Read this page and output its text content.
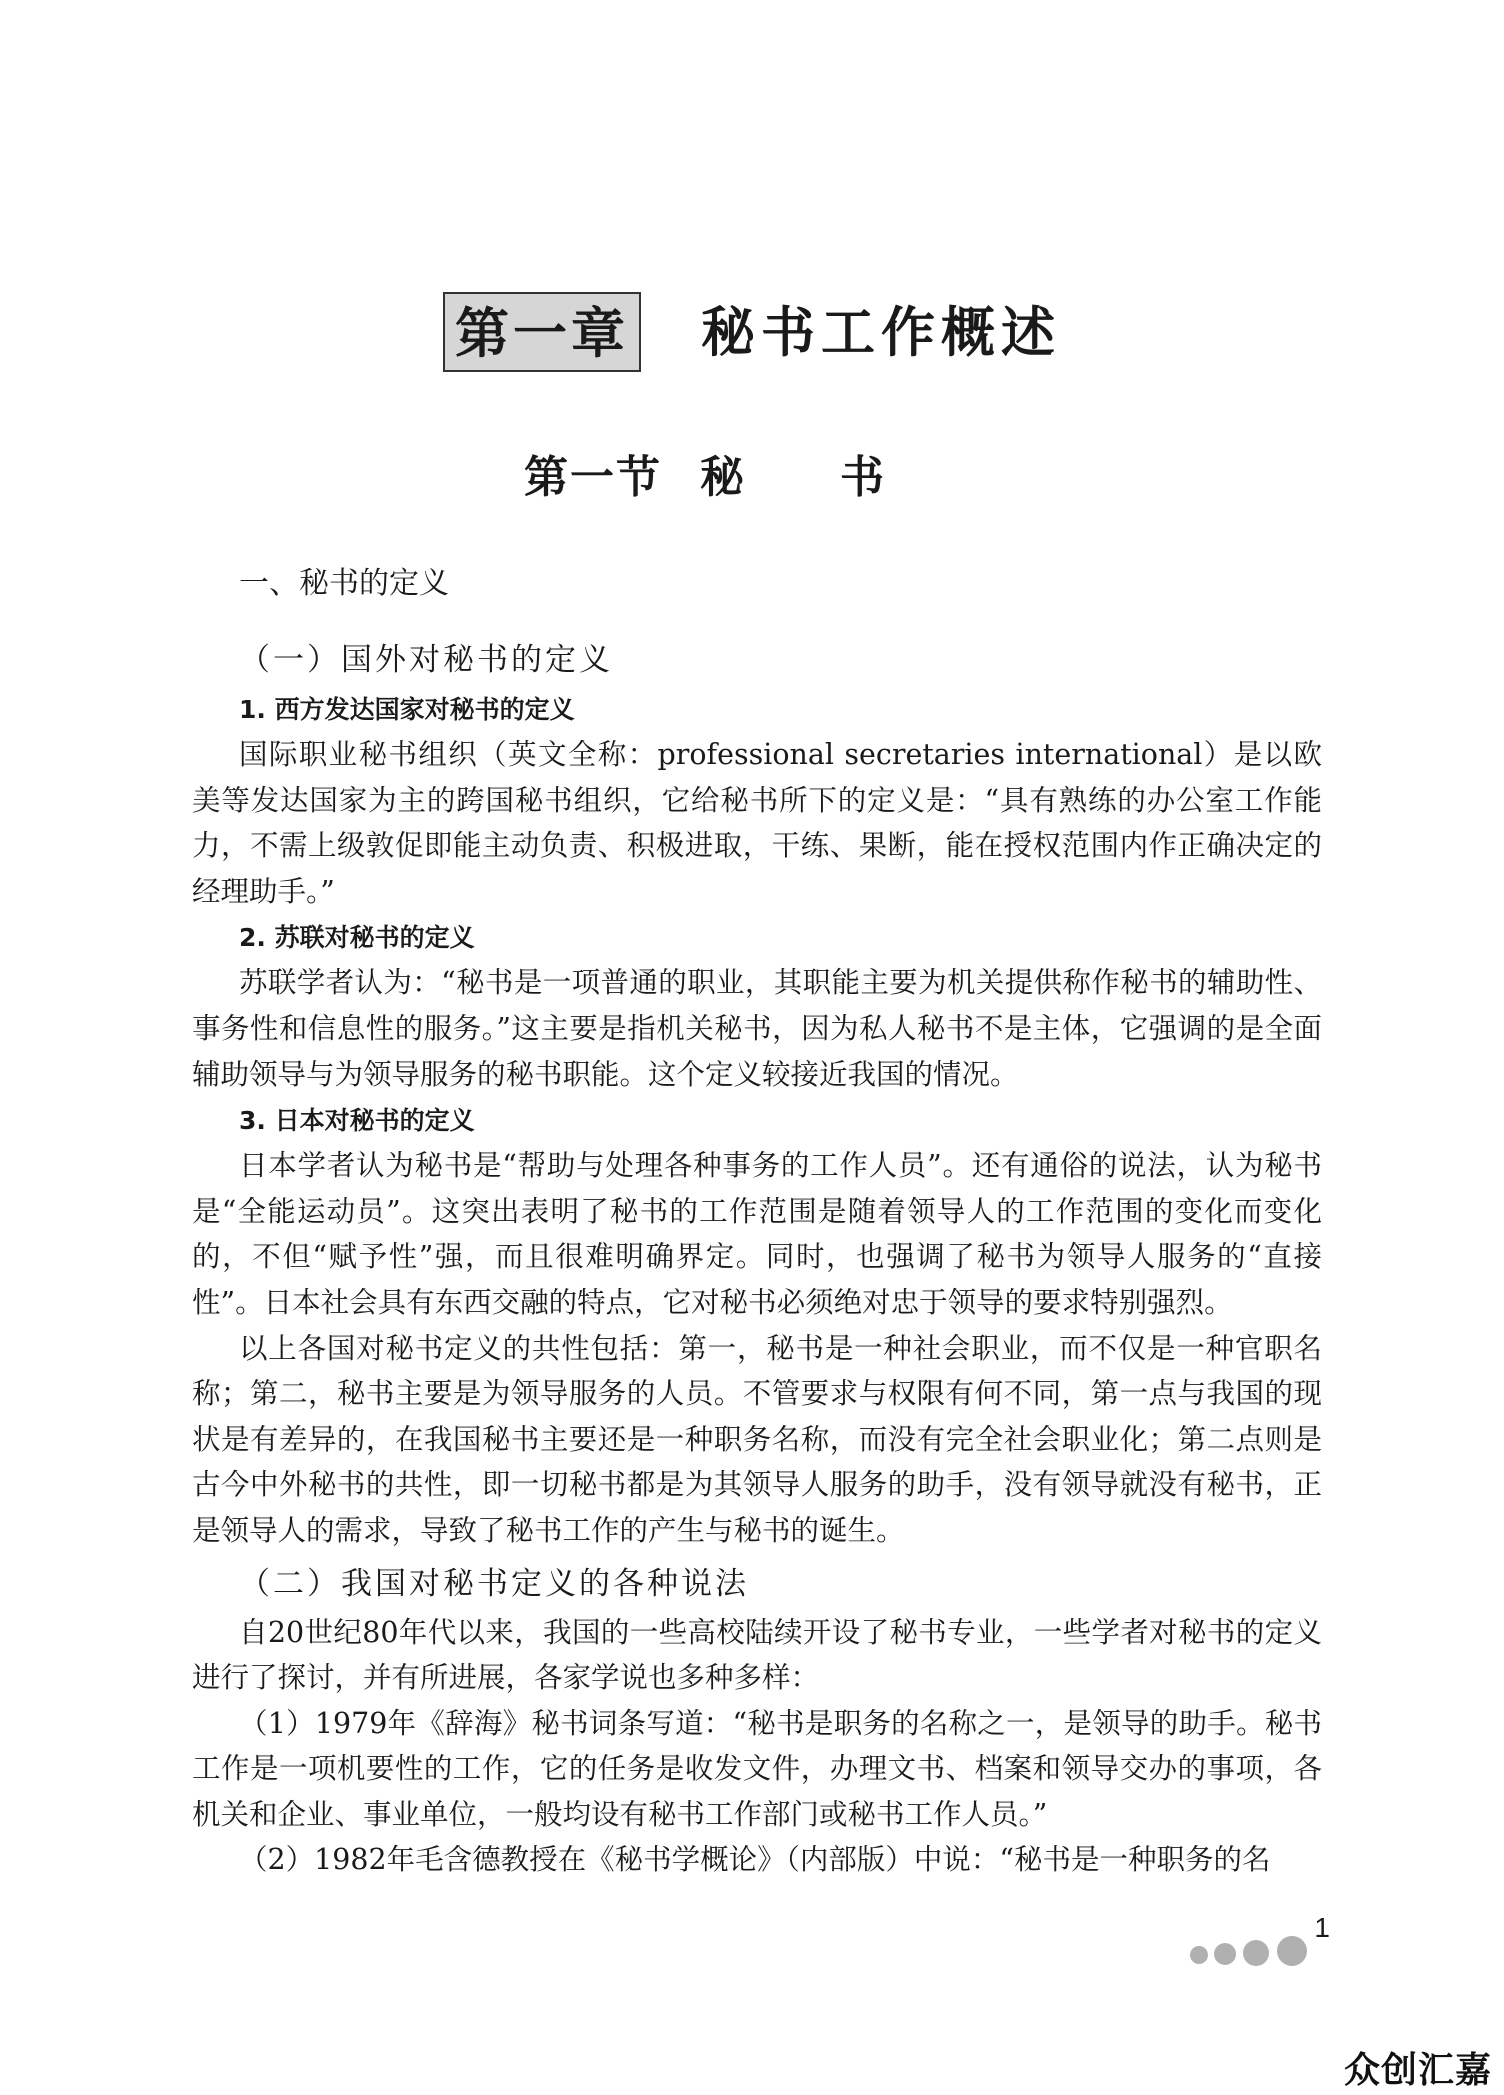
第一章 秘书工作概述
第一节 秘书
一、秘书的定义
（一）国外对秘书的定义
1. 西方发达国家对秘书的定义

国际职业秘书组织（英文全称：professional secretaries international）是以欧美等发达国家为主的跨国秘书组织，它给秘书所下的定义是：“具有熟练的办公室工作能力，不需上级敦促即能主动负责、积极进取，干练、果断，能在授权范围内作正确决定的经理助手。”

2. 苏联对秘书的定义

苏联学者认为：“秘书是一项普通的职业，其职能主要为机关提供称作秘书的辅助性、事务性和信息性的服务。”这主要是指机关秘书，因为私人秘书不是主体，它强调的是全面辅助领导与为领导服务的秘书职能。这个定义较接近我国的情况。

3. 日本对秘书的定义

日本学者认为秘书是“帮助与处理各种事务的工作人员”。还有通俗的说法，认为秘书是“全能运动员”。这突出表明了秘书的工作范围是随着领导人的工作范围的变化而变化的，不但“赋予性”强，而且很难明确界定。同时，也强调了秘书为领导人服务的“直接性”。日本社会具有东西交融的特点，它对秘书必须绝对忠于领导的要求特别强烈。

以上各国对秘书定义的共性包括：第一，秘书是一种社会职业，而不仅是一种官职名称；第二，秘书主要是为领导服务的人员。不管要求与权限有何不同，第一点与我国的现状是有差异的，在我国秘书主要还是一种职务名称，而没有完全社会职业化；第二点则是古今中外秘书的共性，即一切秘书都是为其领导人服务的助手，没有领导就没有秘书，正是领导人的需求，导致了秘书工作的产生与秘书的诞生。

（二）我国对秘书定义的各种说法

自20世纪80年代以来，我国的一些高校陆续开设了秘书专业，一些学者对秘书的定义进行了探讨，并有所进展，各家学说也多种多样：

（1）1979年《辞海》秘书词条写道：“秘书是职务的名称之一，是领导的助手。秘书工作是一项机要性的工作，它的任务是收发文件，办理文书、档案和领导交办的事项，各机关和企业、事业单位，一般均设有秘书工作部门或秘书工作人员。”

（2）1982年毛含德教授在《秘书学概论》（内部版）中说：“秘书是一种职务的名

1
众创汇嘉
